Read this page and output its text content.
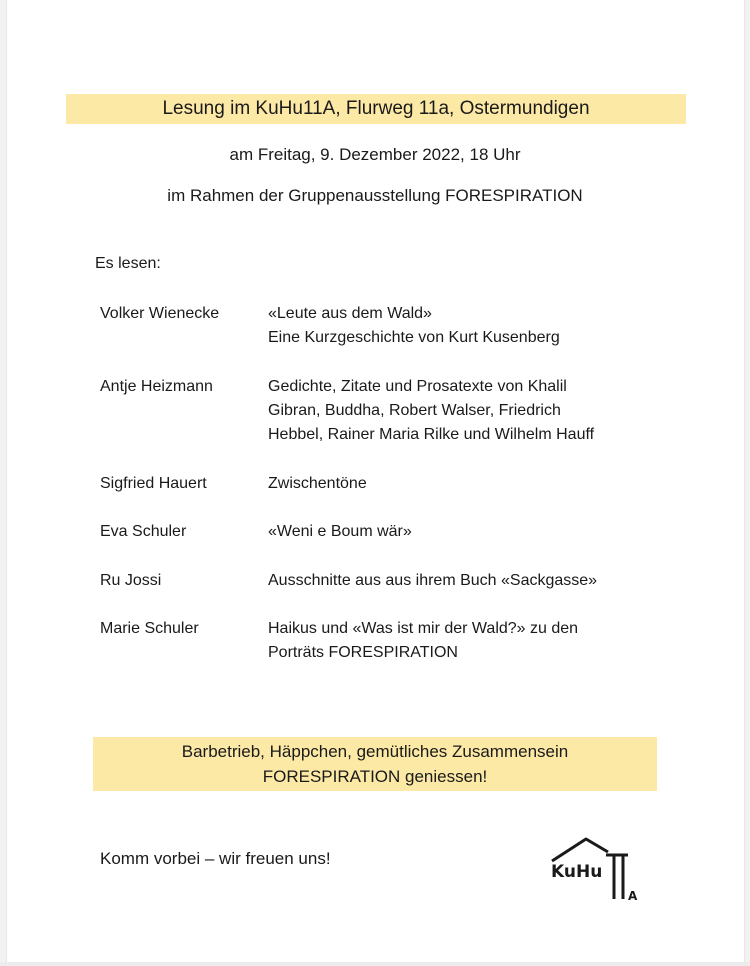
Lesung im KuHu11A, Flurweg 11a, Ostermundigen
am Freitag, 9. Dezember 2022, 18 Uhr
im Rahmen der Gruppenausstellung FORESPIRATION
Es lesen:
Volker Wienecke	«Leute aus dem Wald»
Eine Kurzgeschichte von Kurt Kusenberg
Antje Heizmann	Gedichte, Zitate und Prosatexte von Khalil
Gibran, Buddha, Robert Walser, Friedrich
Hebbel, Rainer Maria Rilke und Wilhelm Hauff
Sigfried Hauert	Zwischentöne
Eva Schuler	«Weni e Boum wär»
Ru Jossi	Ausschnitte aus aus ihrem Buch «Sackgasse»
Marie Schuler	Haikus und «Was ist mir der Wald?» zu den
Porträts FORESPIRATION
Barbetrieb, Häppchen, gemütliches Zusammensein
FORESPIRATION geniessen!
Komm vorbei – wir freuen uns!
KuHu
A
